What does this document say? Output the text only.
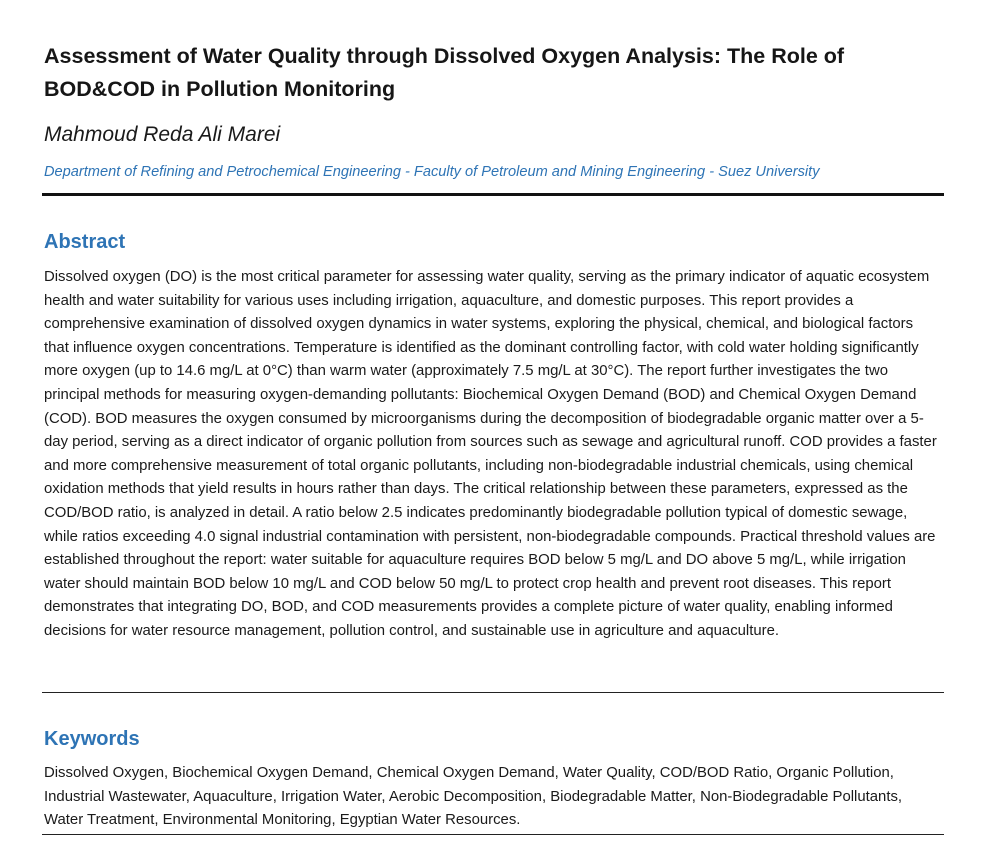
Assessment of Water Quality through Dissolved Oxygen Analysis: The Role of BOD&COD in Pollution Monitoring
Mahmoud Reda Ali Marei
Department of Refining and Petrochemical Engineering - Faculty of Petroleum and Mining Engineering - Suez University
Abstract

Dissolved oxygen (DO) is the most critical parameter for assessing water quality, serving as the primary indicator of aquatic ecosystem health and water suitability for various uses including irrigation, aquaculture, and domestic purposes. This report provides a comprehensive examination of dissolved oxygen dynamics in water systems, exploring the physical, chemical, and biological factors that influence oxygen concentrations. Temperature is identified as the dominant controlling factor, with cold water holding significantly more oxygen (up to 14.6 mg/L at 0°C) than warm water (approximately 7.5 mg/L at 30°C). The report further investigates the two principal methods for measuring oxygen-demanding pollutants: Biochemical Oxygen Demand (BOD) and Chemical Oxygen Demand (COD). BOD measures the oxygen consumed by microorganisms during the decomposition of biodegradable organic matter over a 5-day period, serving as a direct indicator of organic pollution from sources such as sewage and agricultural runoff. COD provides a faster and more comprehensive measurement of total organic pollutants, including non-biodegradable industrial chemicals, using chemical oxidation methods that yield results in hours rather than days. The critical relationship between these parameters, expressed as the COD/BOD ratio, is analyzed in detail. A ratio below 2.5 indicates predominantly biodegradable pollution typical of domestic sewage, while ratios exceeding 4.0 signal industrial contamination with persistent, non-biodegradable compounds. Practical threshold values are established throughout the report: water suitable for aquaculture requires BOD below 5 mg/L and DO above 5 mg/L, while irrigation water should maintain BOD below 10 mg/L and COD below 50 mg/L to protect crop health and prevent root diseases. This report demonstrates that integrating DO, BOD, and COD measurements provides a complete picture of water quality, enabling informed decisions for water resource management, pollution control, and sustainable use in agriculture and aquaculture.

Keywords

Dissolved Oxygen, Biochemical Oxygen Demand, Chemical Oxygen Demand, Water Quality, COD/BOD Ratio, Organic Pollution, Industrial Wastewater, Aquaculture, Irrigation Water, Aerobic Decomposition, Biodegradable Matter, Non-Biodegradable Pollutants, Water Treatment, Environmental Monitoring, Egyptian Water Resources.
